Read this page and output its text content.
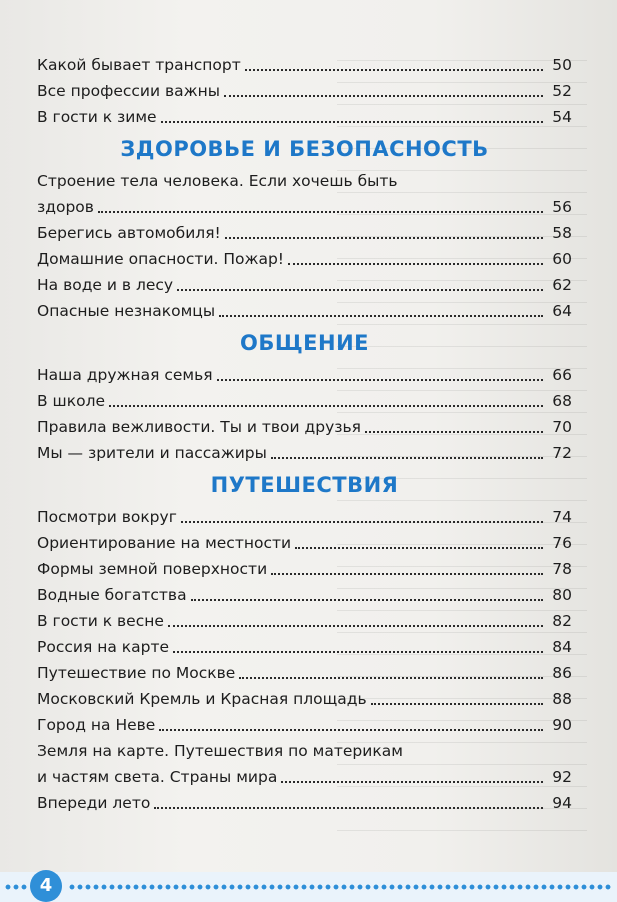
Какой бывает транспорт	50
Все профессии важны	52
В гости к зиме	54
ЗДОРОВЬЕ И БЕЗОПАСНОСТЬ
Строение тела человека. Если хочешь быть
здоров	56
Берегись автомобиля!	58
Домашние опасности. Пожар!	60
На воде и в лесу	62
Опасные незнакомцы	64
ОБЩЕНИЕ
Наша дружная семья	66
В школе	68
Правила вежливости. Ты и твои друзья	70
Мы — зрители и пассажиры	72
ПУТЕШЕСТВИЯ
Посмотри вокруг	74
Ориентирование на местности	76
Формы земной поверхности	78
Водные богатства	80
В гости к весне	82
Россия на карте	84
Путешествие по Москве	86
Московский Кремль и Красная площадь	88
Город на Неве	90
Земля на карте. Путешествия по материкам
и частям света. Страны мира	92
Впереди лето	94
4
